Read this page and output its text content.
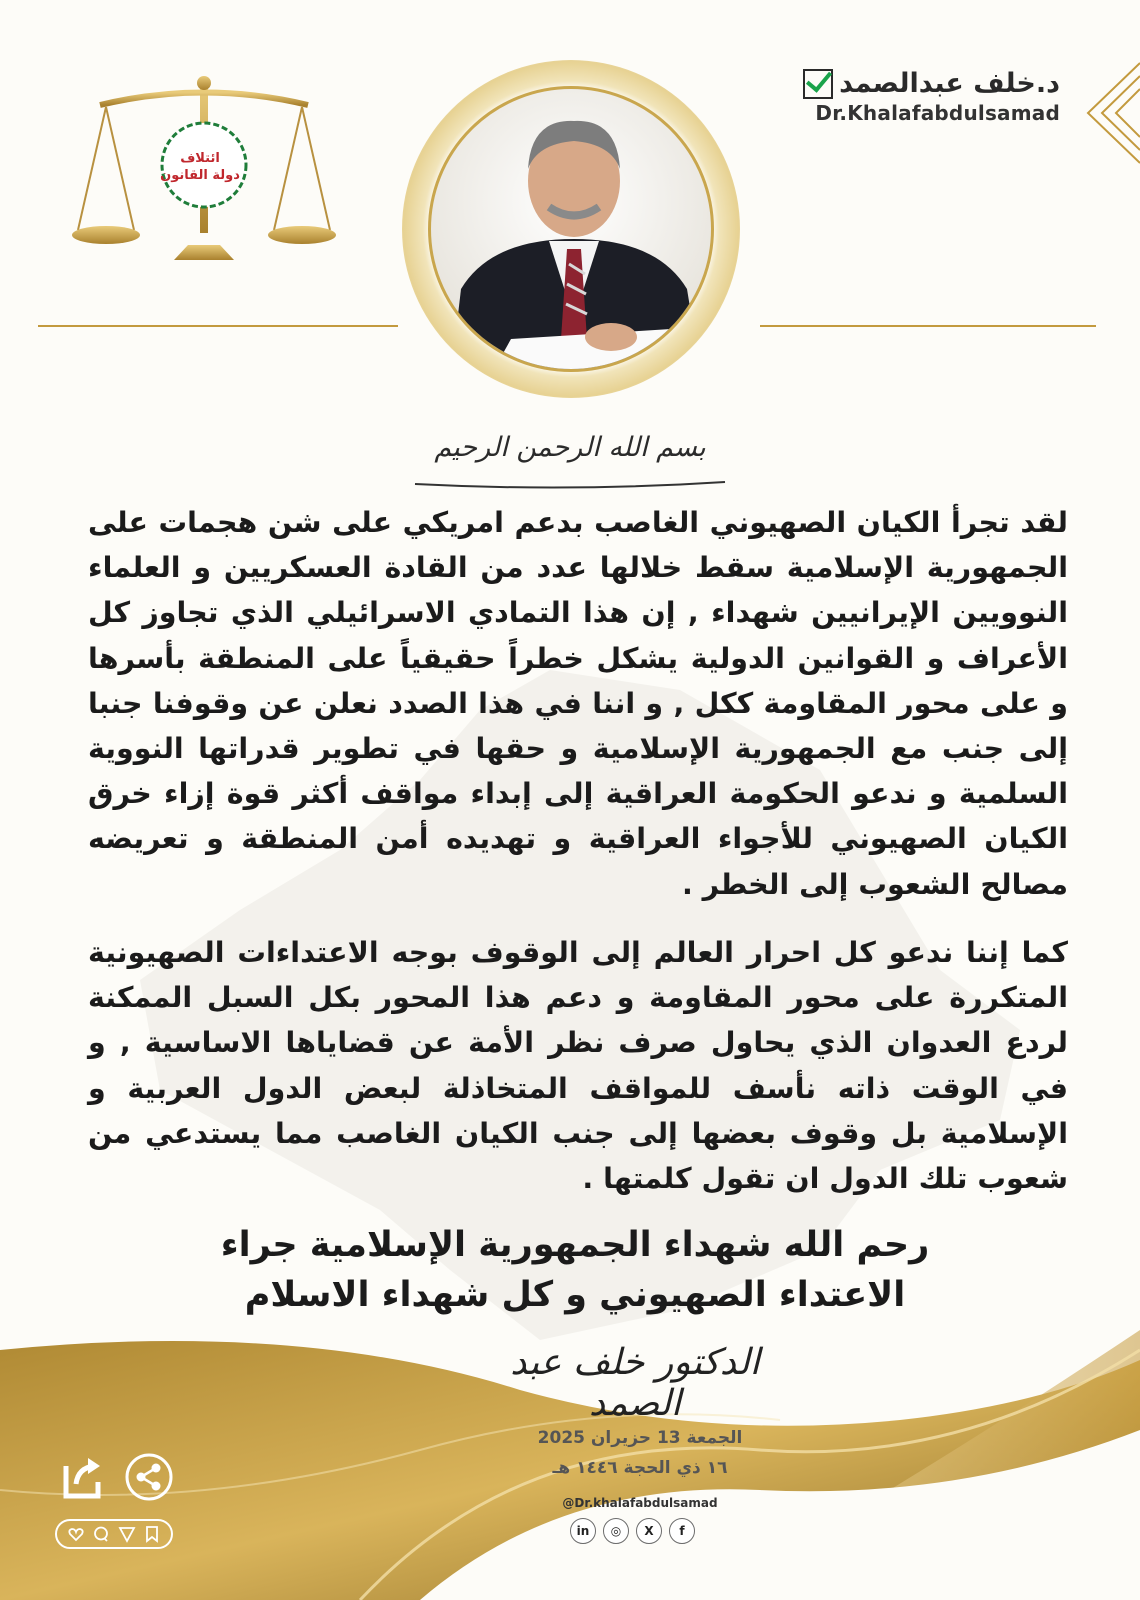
ائتلاف
دولة القانون
د.خلف عبدالصمد
Dr.Khalafabdulsamad
بسم الله الرحمن الرحيم
لقد تجرأ الكيان الصهيوني الغاصب بدعم امريكي على شن هجمات على الجمهورية الإسلامية سقط خلالها عدد من القادة العسكريين و العلماء النوويين الإيرانيين شهداء , إن هذا التمادي الاسرائيلي الذي تجاوز كل الأعراف و القوانين الدولية يشكل خطراً حقيقياً على المنطقة بأسرها و على محور المقاومة ككل , و اننا في هذا الصدد نعلن عن وقوفنا جنبا إلى جنب مع الجمهورية الإسلامية و حقها في تطوير قدراتها النووية السلمية و ندعو الحكومة العراقية إلى إبداء مواقف أكثر قوة إزاء خرق الكيان الصهيوني للأجواء العراقية و تهديده أمن المنطقة و تعريضه مصالح الشعوب إلى الخطر .
كما إننا ندعو كل احرار العالم إلى الوقوف بوجه الاعتداءات الصهيونية المتكررة على محور المقاومة و دعم هذا المحور بكل السبل الممكنة لردع العدوان الذي يحاول صرف نظر الأمة عن قضاياها الاساسية , و في الوقت ذاته نأسف للمواقف المتخاذلة لبعض الدول العربية و الإسلامية بل وقوف بعضها إلى جنب الكيان الغاصب مما يستدعي من شعوب تلك الدول ان تقول كلمتها .
رحم الله شهداء الجمهورية الإسلامية جراء الاعتداء الصهيوني و كل شهداء الاسلام
الدكتور خلف عبد الصمد
الجمعة 13 حزيران 2025
١٦ ذي الحجة ١٤٤٦ هـ
@Dr.khalafabdulsamad
in	◎	X	f
